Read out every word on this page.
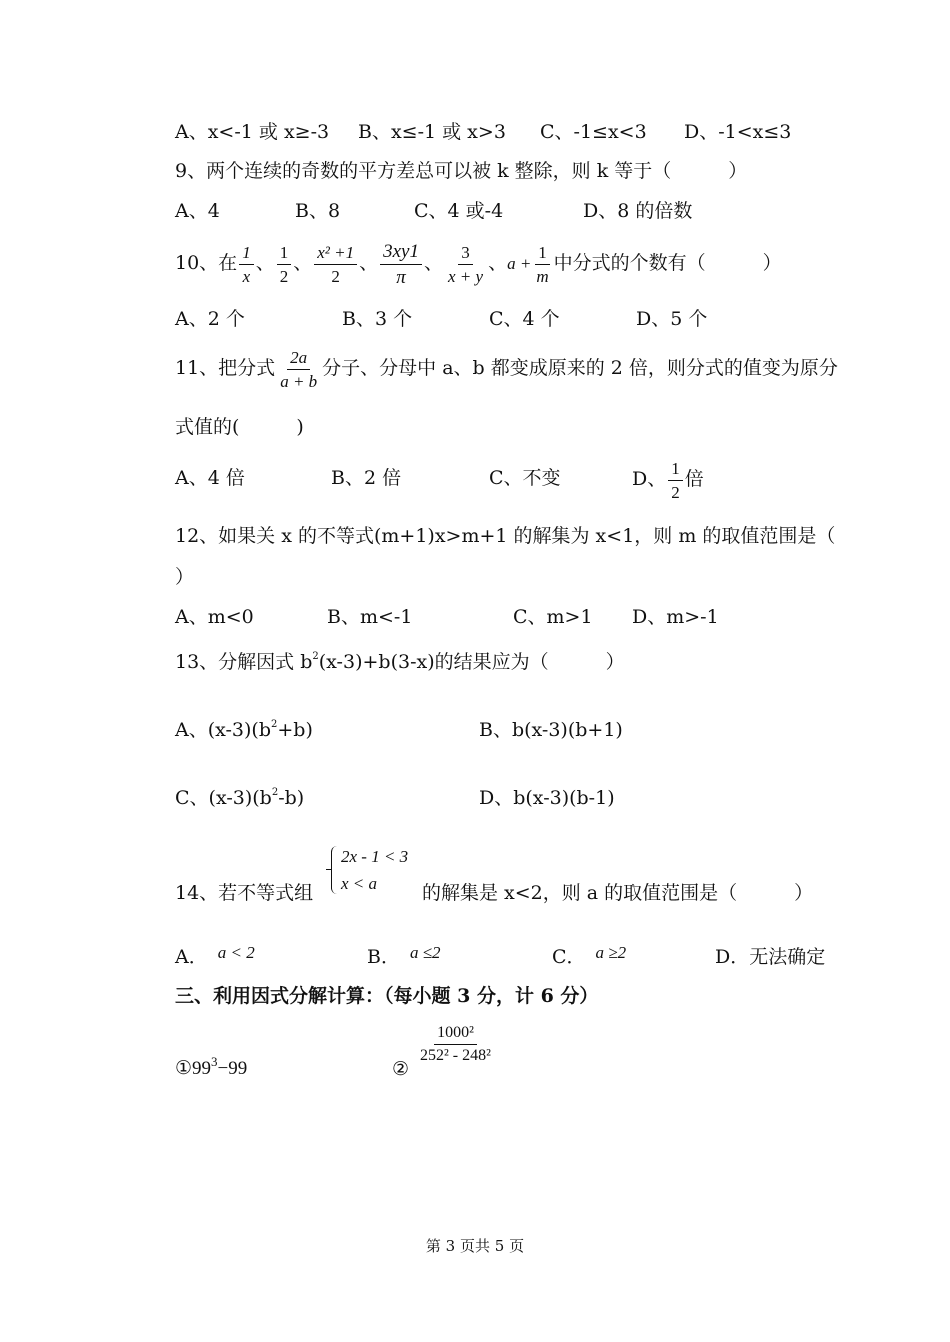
A、x<-1 或 x≥-3 B、x≤-1 或 x>3 C、-1≤x<3 D、-1<x≤3
9、两个连续的奇数的平方差总可以被 k 整除，则 k 等于（　　　）
A、4	B、8	C、4 或-4	D、8 的倍数
10、在 $\frac{1}{x}$ 、 $\frac{1}{2}$ 、 $\frac{\text{x² +1}}{2}$ 、 $\frac{3xy1}{\pi}$ 、 $\frac{3}{x + y}$ 、$a + \frac{1}{m}$ 中分式的个数有（　　　）
A、2 个	B、3 个	C、4 个	D、5 个
11、把分式 $\frac{2a}{a + b}$ 分子、分母中 a、b 都变成原来的 2 倍，则分式的值变为原分
式值的(　　　)
A、4 倍	B、2 倍	C、不变	D、 $\frac{1}{2}$ 倍
12、如果关 x 的不等式(m+1)x>m+1 的解集为 x<1，则 m 的取值范围是（
）
A、m<0	B、m<-1	C、m>1 D、m>-1
13、分解因式 $b^2(x-3)+b(3-x)$的结果应为（　　　）
A、$(x-3)(b^2+b)$	B、b(x-3)(b+1)
C、$(x-3)(b^2-b)$	D、b(x-3)(b-1)
2x - 1 < 3
x < a
14、若不等式组	的解集是 x<2，则 a 的取值范围是（　　　）
A． a < 2	B． a ≤2	C． a ≥2	D．无法确定
三、利用因式分解计算：（每小题 3 分，计 6 分）
$①99^3-99$	②
$\frac{\text{1000²}}{\text{252² - 248²}}$
第 3 页共 5 页
